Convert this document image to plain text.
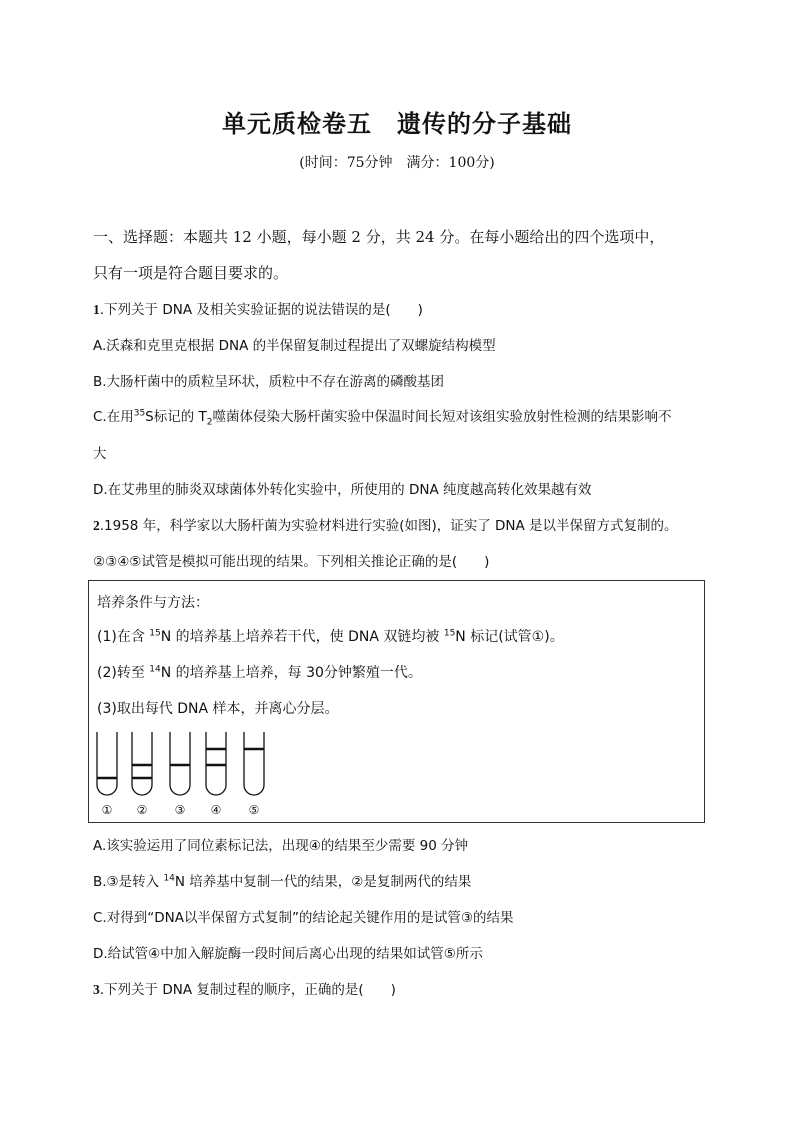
单元质检卷五　遗传的分子基础
(时间：75分钟　满分：100分)
一、选择题：本题共 12 小题，每小题 2 分，共 24 分。在每小题给出的四个选项中，
只有一项是符合题目要求的。
1.下列关于 DNA 及相关实验证据的说法错误的是(　　)
A.沃森和克里克根据 DNA 的半保留复制过程提出了双螺旋结构模型
B.大肠杆菌中的质粒呈环状，质粒中不存在游离的磷酸基团
C.在用$^{35}$S标记的 $T_2$噬菌体侵染大肠杆菌实验中保温时间长短对该组实验放射性检测的结果影响不
大
D.在艾弗里的肺炎双球菌体外转化实验中，所使用的 DNA 纯度越高转化效果越有效
2.1958 年，科学家以大肠杆菌为实验材料进行实验(如图)，证实了 DNA 是以半保留方式复制的。
②③④⑤试管是模拟可能出现的结果。下列相关推论正确的是(　　)
培养条件与方法：
(1)在含 $^{15}$N 的培养基上培养若干代，使 DNA 双链均被 $^{15}$N 标记(试管①)。
(2)转至 $^{14}$N 的培养基上培养，每 30分钟繁殖一代。
(3)取出每代 DNA 样本，并离心分层。
① ② ③ ④ ⑤
A.该实验运用了同位素标记法，出现④的结果至少需要 90 分钟
B.③是转入 $^{14}$N 培养基中复制一代的结果，②是复制两代的结果
C.对得到“DNA以半保留方式复制”的结论起关键作用的是试管③的结果
D.给试管④中加入解旋酶一段时间后离心出现的结果如试管⑤所示
3.下列关于 DNA 复制过程的顺序，正确的是(　　)
